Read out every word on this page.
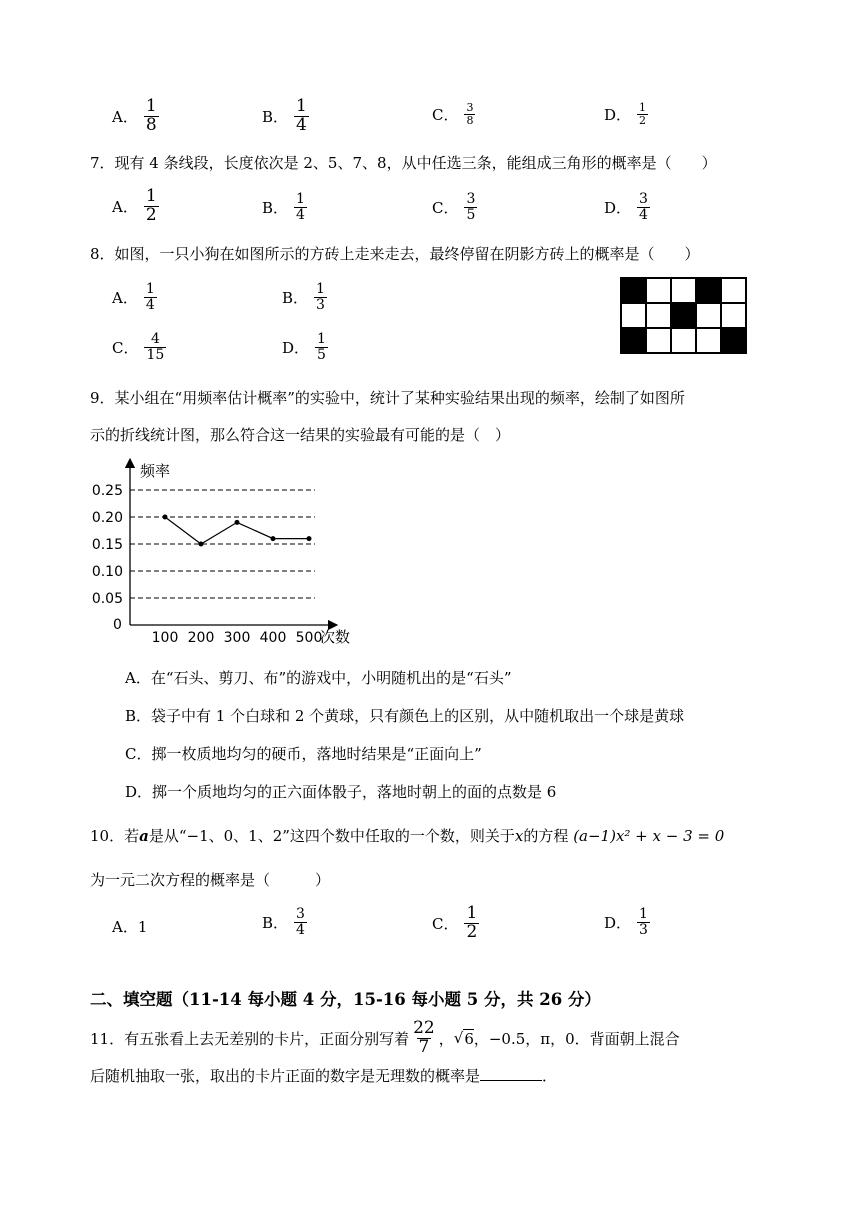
A． $\frac{1}{8}$	B． $\frac{1}{4}$	C． $\frac{3}{8}$	D． $\frac{1}{2}$
7．现有 4 条线段，长度依次是 2、5、7、8，从中任选三条，能组成三角形的概率是（　　）
A． $\frac{1}{2}$	B． $\frac{1}{4}$	C． $\frac{3}{5}$	D． $\frac{3}{4}$
8．如图，一只小狗在如图所示的方砖上走来走去，最终停留在阴影方砖上的概率是（　　）
A． $\frac{1}{4}$	B． $\frac{1}{3}$
C． $\frac{4}{15}$	D． $\frac{1}{5}$
9．某小组在“用频率估计概率”的实验中，统计了某种实验结果出现的频率，绘制了如图所
示的折线统计图，那么符合这一结果的实验最有可能的是（　）
频率
次数
0
0.25
0.20
0.15
0.10
0.05
100 200 300 400 500
A．在“石头、剪刀、布”的游戏中，小明随机出的是“石头”
B．袋子中有 1 个白球和 2 个黄球，只有颜色上的区别，从中随机取出一个球是黄球
C．掷一枚质地均匀的硬币，落地时结果是“正面向上”
D．掷一个质地均匀的正六面体骰子，落地时朝上的面的点数是 6
10．若a是从“−1、0、1、2”这四个数中任取的一个数，则关于x的方程 (a−1)x² + x − 3 = 0
为一元二次方程的概率是（　　　）
A．1	B． $\frac{3}{4}$	C． $\frac{1}{2}$	D． $\frac{1}{3}$
二、填空题（11-14 每小题 4 分，15-16 每小题 5 分，共 26 分）
11．有五张看上去无差别的卡片，正面分别写着 $\frac{22}{7}$ ， √ 6 ，−0.5，π，0．背面朝上混合
后随机抽取一张，取出的卡片正面的数字是无理数的概率是	．
